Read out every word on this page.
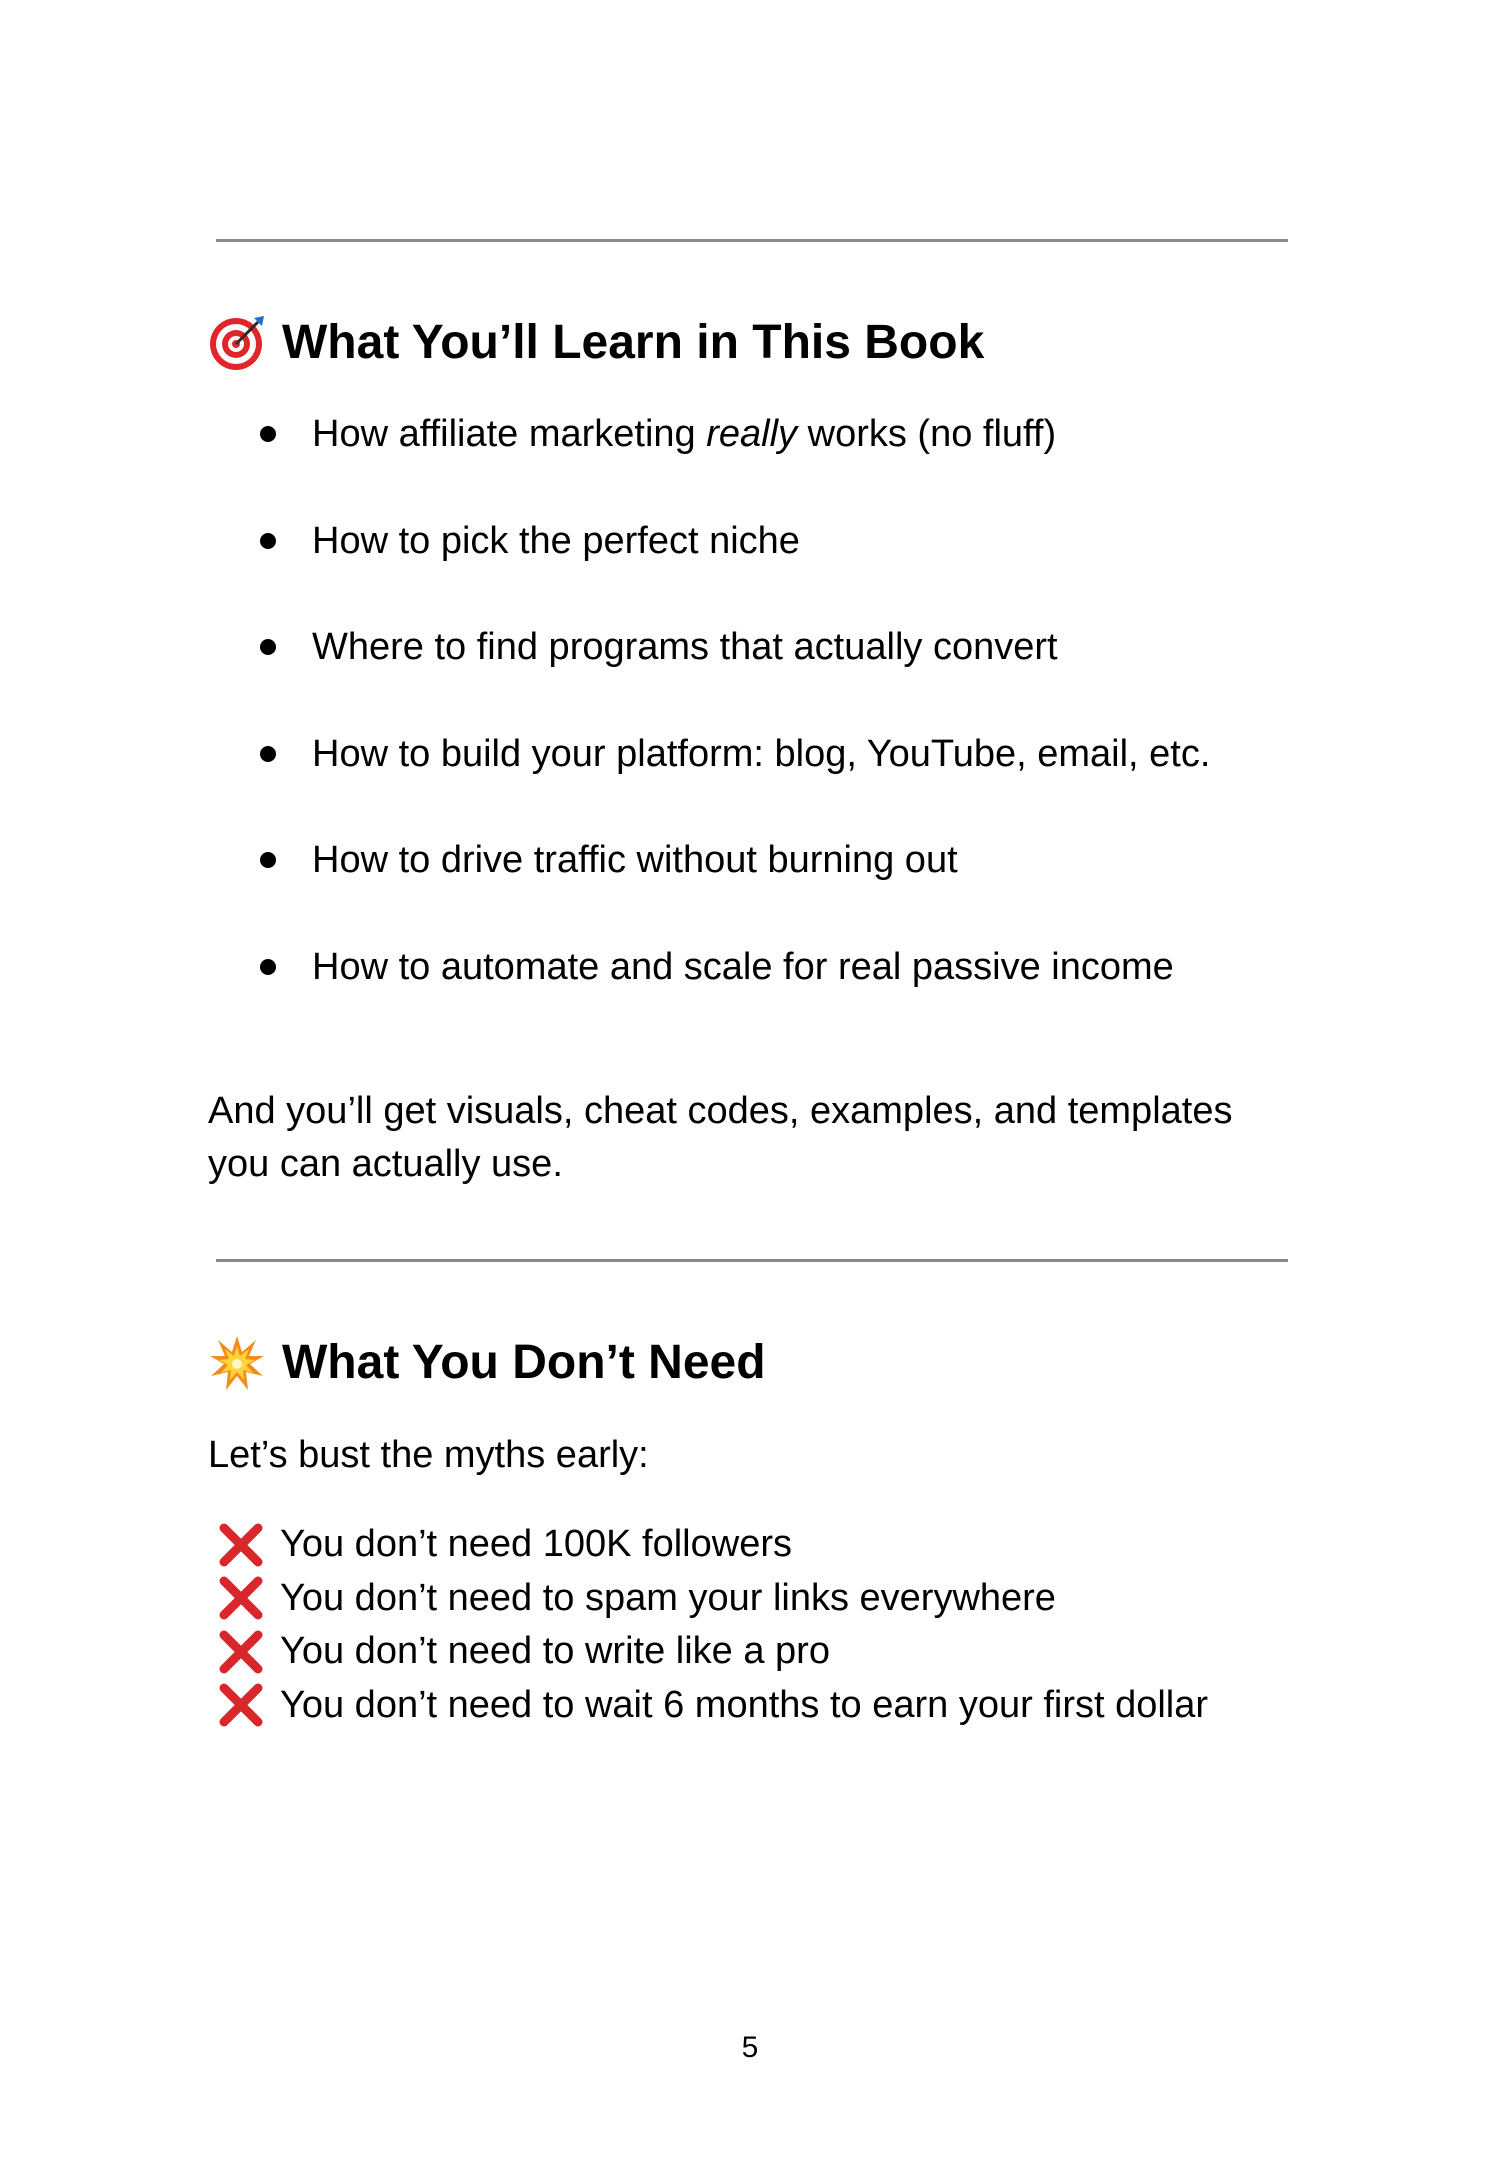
What You’ll Learn in This Book
How affiliate marketing really works (no fluff)
How to pick the perfect niche
Where to find programs that actually convert
How to build your platform: blog, YouTube, email, etc.
How to drive traffic without burning out
How to automate and scale for real passive income

And you’ll get visuals, cheat codes, examples, and templates
you can actually use.

What You Don’t Need

Let’s bust the myths early:

You don’t need 100K followers
You don’t need to spam your links everywhere
You don’t need to write like a pro
You don’t need to wait 6 months to earn your first dollar
5
